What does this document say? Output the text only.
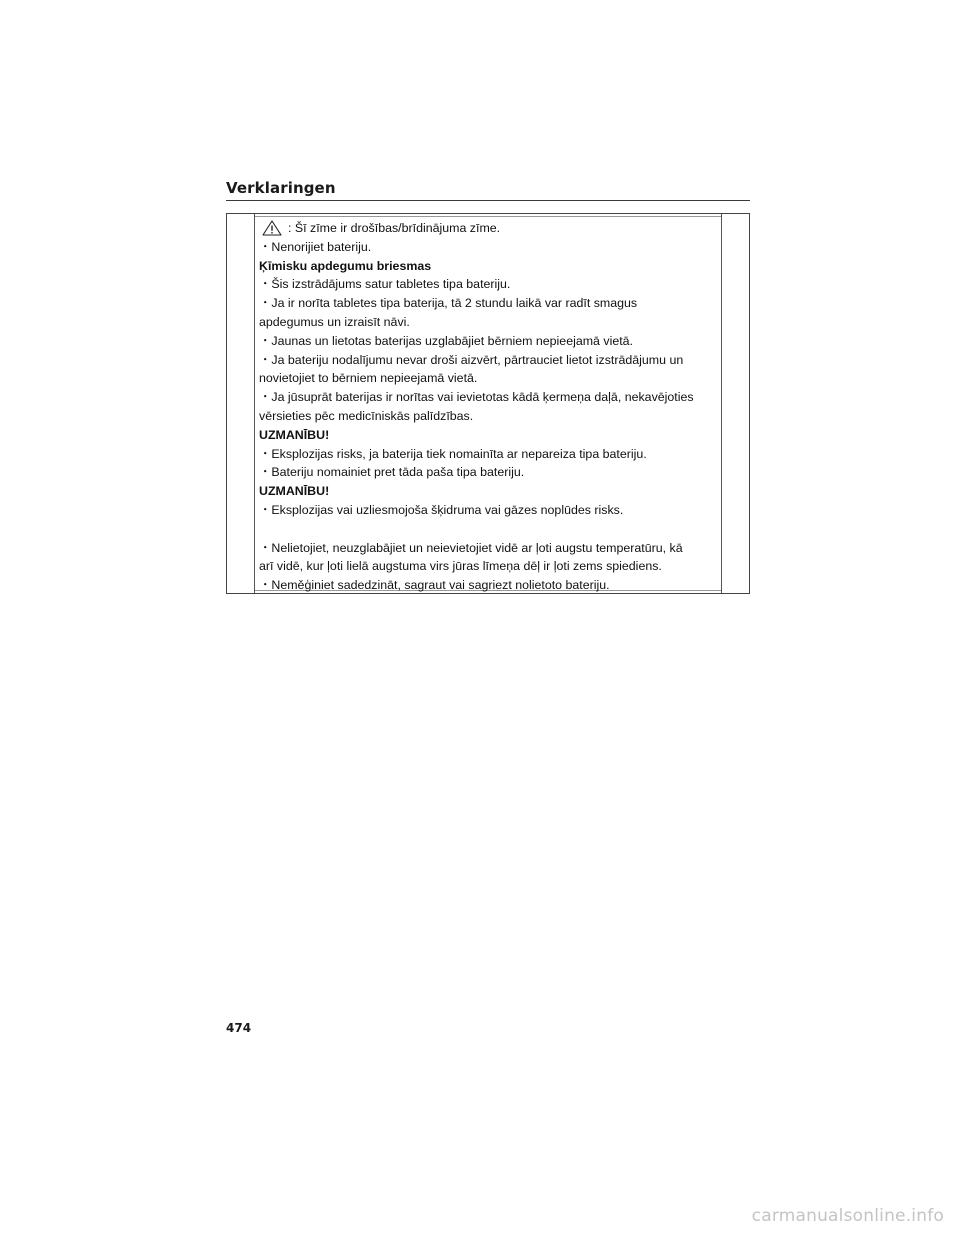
Verklaringen
: Šī zīme ir drošības/brīdinājuma zīme.
・Nenorijiet bateriju.
Ķīmisku apdegumu briesmas
・Šis izstrādājums satur tabletes tipa bateriju.
・Ja ir norīta tabletes tipa baterija, tā 2 stundu laikā var radīt smagus
apdegumus un izraisīt nāvi.
・Jaunas un lietotas baterijas uzglabājiet bērniem nepieejamā vietā.
・Ja bateriju nodalījumu nevar droši aizvērt, pārtrauciet lietot izstrādājumu un
novietojiet to bērniem nepieejamā vietā.
・Ja jūsuprāt baterijas ir norītas vai ievietotas kādā ķermeņa daļā, nekavējoties
vērsieties pēc medicīniskās palīdzības.
UZMANĪBU!
・Eksplozijas risks, ja baterija tiek nomainīta ar nepareiza tipa bateriju.
・Bateriju nomainiet pret tāda paša tipa bateriju.
UZMANĪBU!
・Eksplozijas vai uzliesmojoša šķidruma vai gāzes noplūdes risks.
・Nelietojiet, neuzglabājiet un neievietojiet vidē ar ļoti augstu temperatūru, kā
arī vidē, kur ļoti lielā augstuma virs jūras līmeņa dēļ ir ļoti zems spiediens.
・Neměģiniet sadedzināt, sagraut vai sagriezt nolietoto bateriju.
474
carmanualsonline.info
